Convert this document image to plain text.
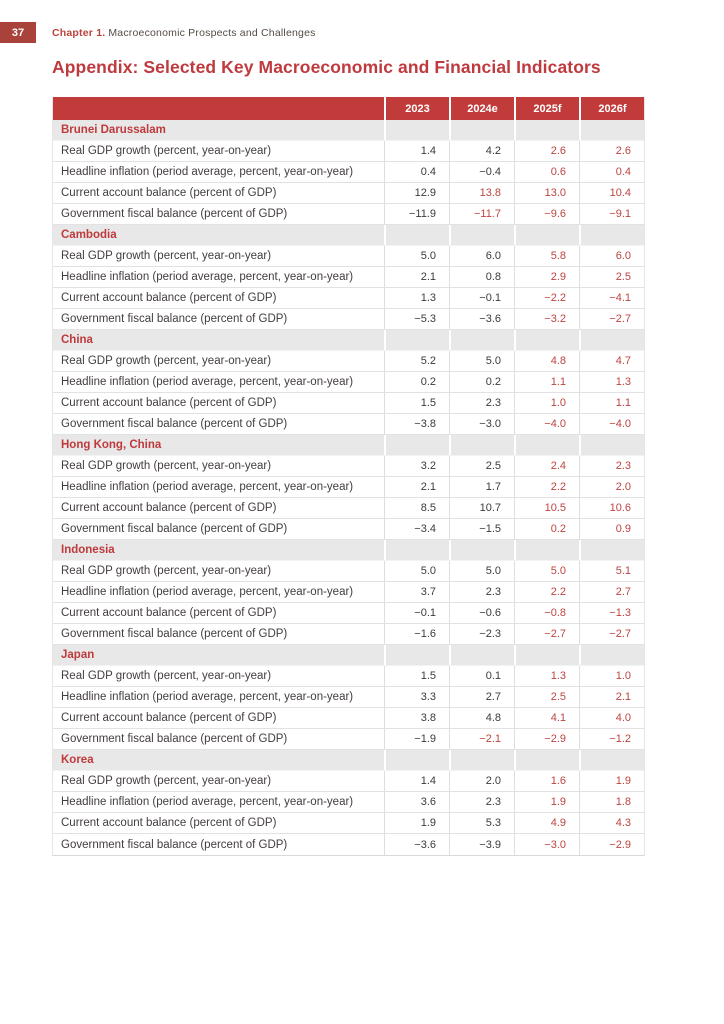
37	Chapter 1. Macroeconomic Prospects and Challenges
Appendix: Selected Key Macroeconomic and Financial Indicators
2023	2024e	2025f	2026f
Brunei Darussalam
Real GDP growth (percent, year-on-year)	1.4	4.2	2.6	2.6
Headline inflation (period average, percent, year-on-year)	0.4	−0.4	0.6	0.4
Current account balance (percent of GDP)	12.9	13.8	13.0	10.4
Government fiscal balance (percent of GDP)	−11.9	−11.7	−9.6	−9.1
Cambodia
Real GDP growth (percent, year-on-year)	5.0	6.0	5.8	6.0
Headline inflation (period average, percent, year-on-year)	2.1	0.8	2.9	2.5
Current account balance (percent of GDP)	1.3	−0.1	−2.2	−4.1
Government fiscal balance (percent of GDP)	−5.3	−3.6	−3.2	−2.7
China
Real GDP growth (percent, year-on-year)	5.2	5.0	4.8	4.7
Headline inflation (period average, percent, year-on-year)	0.2	0.2	1.1	1.3
Current account balance (percent of GDP)	1.5	2.3	1.0	1.1
Government fiscal balance (percent of GDP)	−3.8	−3.0	−4.0	−4.0
Hong Kong, China
Real GDP growth (percent, year-on-year)	3.2	2.5	2.4	2.3
Headline inflation (period average, percent, year-on-year)	2.1	1.7	2.2	2.0
Current account balance (percent of GDP)	8.5	10.7	10.5	10.6
Government fiscal balance (percent of GDP)	−3.4	−1.5	0.2	0.9
Indonesia
Real GDP growth (percent, year-on-year)	5.0	5.0	5.0	5.1
Headline inflation (period average, percent, year-on-year)	3.7	2.3	2.2	2.7
Current account balance (percent of GDP)	−0.1	−0.6	−0.8	−1.3
Government fiscal balance (percent of GDP)	−1.6	−2.3	−2.7	−2.7
Japan
Real GDP growth (percent, year-on-year)	1.5	0.1	1.3	1.0
Headline inflation (period average, percent, year-on-year)	3.3	2.7	2.5	2.1
Current account balance (percent of GDP)	3.8	4.8	4.1	4.0
Government fiscal balance (percent of GDP)	−1.9	−2.1	−2.9	−1.2
Korea
Real GDP growth (percent, year-on-year)	1.4	2.0	1.6	1.9
Headline inflation (period average, percent, year-on-year)	3.6	2.3	1.9	1.8
Current account balance (percent of GDP)	1.9	5.3	4.9	4.3
Government fiscal balance (percent of GDP)	−3.6	−3.9	−3.0	−2.9
